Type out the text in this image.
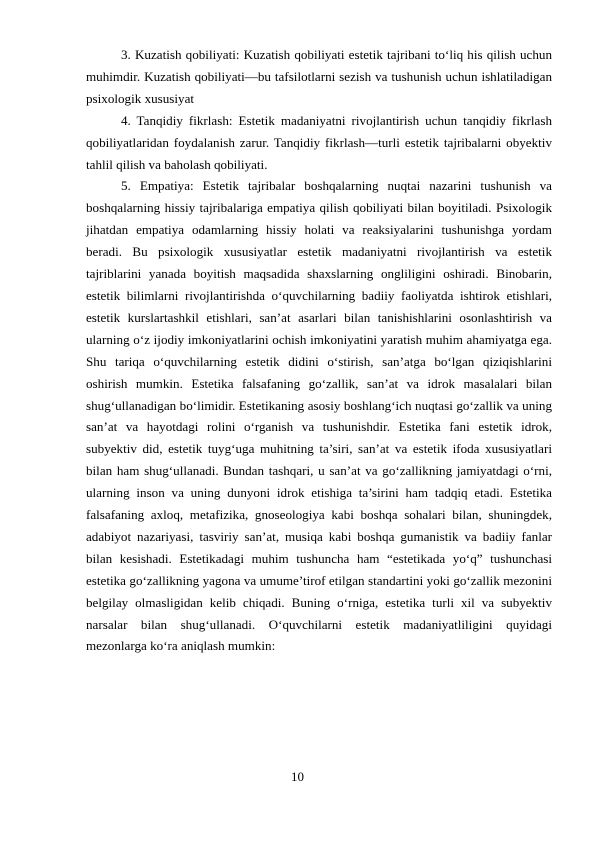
3. Kuzatish qobiliyati: Kuzatish qobiliyati estetik tajribani to‘liq his qilish uchun muhimdir. Kuzatish qobiliyati—bu tafsilotlarni sezish va tushunish uchun ishlatiladigan psixologik xususiyat

4. Tanqidiy fikrlash: Estetik madaniyatni rivojlantirish uchun tanqidiy fikrlash qobiliyatlaridan foydalanish zarur. Tanqidiy fikrlash—turli estetik tajribalarni obyektiv tahlil qilish va baholash qobiliyati.

5. Empatiya: Estetik tajribalar boshqalarning nuqtai nazarini tushunish va boshqalarning hissiy tajribalariga empatiya qilish qobiliyati bilan boyitiladi. Psixologik jihatdan empatiya odamlarning hissiy holati va reaksiyalarini tushunishga yordam beradi. Bu psixologik xususiyatlar estetik madaniyatni rivojlantirish va estetik tajriblarini yanada boyitish maqsadida shaxslarning ongliligini oshiradi. Binobarin, estetik bilimlarni rivojlantirishda o‘quvchilarning badiiy faoliyatda ishtirok etishlari, estetik kurslartashkil etishlari, san’at asarlari bilan tanishishlarini osonlashtirish va ularning o‘z ijodiy imkoniyatlarini ochish imkoniyatini yaratish muhim ahamiyatga ega. Shu tariqa o‘quvchilarning estetik didini o‘stirish, san’atga bo‘lgan qiziqishlarini oshirish mumkin. Estetika falsafaning go‘zallik, san’at va idrok masalalari bilan shug‘ullanadigan bo‘limidir. Estetikaning asosiy boshlang‘ich nuqtasi go‘zallik va uning san’at va hayotdagi rolini o‘rganish va tushunishdir. Estetika fani estetik idrok, subyektiv did, estetik tuyg‘uga muhitning ta’siri, san’at va estetik ifoda xususiyatlari bilan ham shug‘ullanadi. Bundan tashqari, u san’at va go‘zallikning jamiyatdagi o‘rni, ularning inson va uning dunyoni idrok etishiga ta’sirini ham tadqiq etadi. Estetika falsafaning axloq, metafizika, gnoseologiya kabi boshqa sohalari bilan, shuningdek, adabiyot nazariyasi, tasviriy san’at, musiqa kabi boshqa gumanistik va badiiy fanlar bilan kesishadi. Estetikadagi muhim tushuncha ham “estetikada yo‘q” tushunchasi estetika go‘zallikning yagona va umume’tirof etilgan standartini yoki go‘zallik mezonini belgilay olmasligidan kelib chiqadi. Buning o‘rniga, estetika turli xil va subyektiv narsalar bilan shug‘ullanadi. O‘quvchilarni estetik madaniyatliligini quyidagi mezonlarga ko‘ra aniqlash mumkin:

10
